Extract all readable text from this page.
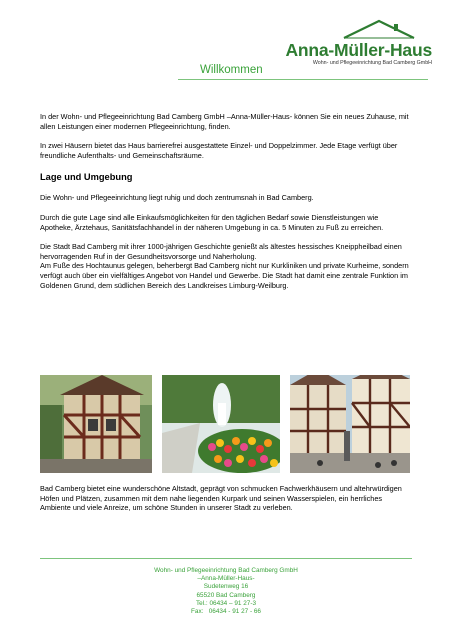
Anna-Müller-Haus
Wohn- und Pflegeeinrichtung Bad Camberg GmbH
Willkommen

In der Wohn- und Pflegeeinrichtung Bad Camberg GmbH –Anna-Müller-Haus- können Sie ein neues Zuhause, mit allen Leistungen einer modernen Pflegeeinrichtung, finden.

In zwei Häusern bietet das Haus barrierefrei ausgestattete Einzel- und Doppelzimmer. Jede Etage verfügt über freundliche Aufenthalts- und Gemeinschaftsräume.

Lage und Umgebung

Die Wohn- und Pflegeeinrichtung liegt ruhig und doch zentrumsnah in Bad Camberg.

Durch die gute Lage sind alle Einkaufsmöglichkeiten für den täglichen Bedarf sowie Dienstleistungen wie Apotheke, Ärztehaus, Sanitätsfachhandel in der näheren Umgebung in ca. 5 Minuten zu Fuß zu erreichen.

Die Stadt Bad Camberg mit ihrer 1000-jährigen Geschichte genießt als ältestes hessisches Kneippheilbad einen hervorragenden Ruf in der Gesundheitsvorsorge und Naherholung.
Am Fuße des Hochtaunus gelegen, beherbergt Bad Camberg nicht nur Kurkliniken und private Kurheime, sondern verfügt auch über ein vielfältiges Angebot von Handel und Gewerbe. Die Stadt hat damit eine zentrale Funktion im Goldenen Grund, dem südlichen Bereich des Landkreises Limburg-Weilburg.

Bad Camberg bietet eine wunderschöne Altstadt, geprägt von schmucken Fachwerkhäusern und altehrwürdigen Höfen und Plätzen, zusammen mit dem nahe liegenden Kurpark und seinen Wasserspielen, ein herrliches Ambiente und viele Anreize, um schöne Stunden in unserer Stadt zu verleben.

Wohn- und Pflegeeinrichtung Bad Camberg GmbH
–Anna-Müller-Haus-
Sudetenweg 16
65520 Bad Camberg
Tel.: 06434 – 91 27-3
Fax:   06434 - 91 27 - 66
